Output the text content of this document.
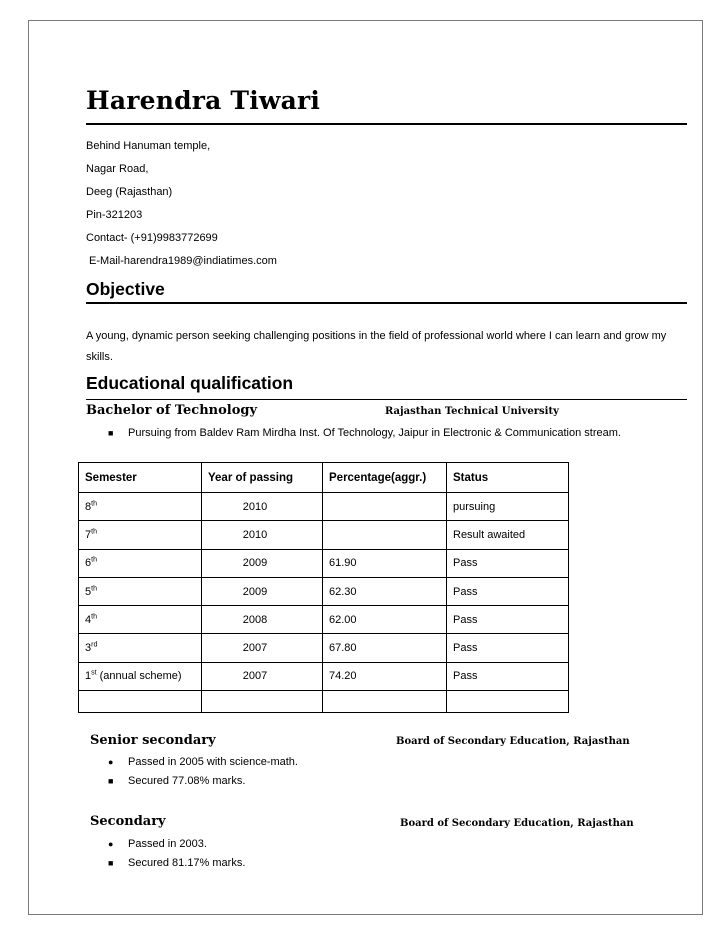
Harendra Tiwari
Behind Hanuman temple,
Nagar Road,
Deeg (Rajasthan)
Pin-321203
Contact- (+91)9983772699
E-Mail-harendra1989@indiatimes.com
Objective
A young, dynamic person seeking challenging positions in the field of professional world where I can learn and grow my skills.
Educational qualification
Bachelor of Technology	Rajasthan Technical University
■	Pursuing from Baldev Ram Mirdha Inst. Of Technology, Jaipur in Electronic & Communication stream.
Semester	Year of passing	Percentage(aggr.)	Status
8th	2010		pursuing
7th	2010		Result awaited
6th	2009	61.90	Pass
5th	2009	62.30	Pass
4th	2008	62.00	Pass
3rd	2007	67.80	Pass
1st (annual scheme)	2007	74.20	Pass

Senior secondary	Board of Secondary Education, Rajasthan
●	Passed in 2005 with science-math.
■	Secured 77.08% marks.
Secondary	Board of Secondary Education, Rajasthan
●	Passed in 2003.
■	Secured 81.17% marks.
